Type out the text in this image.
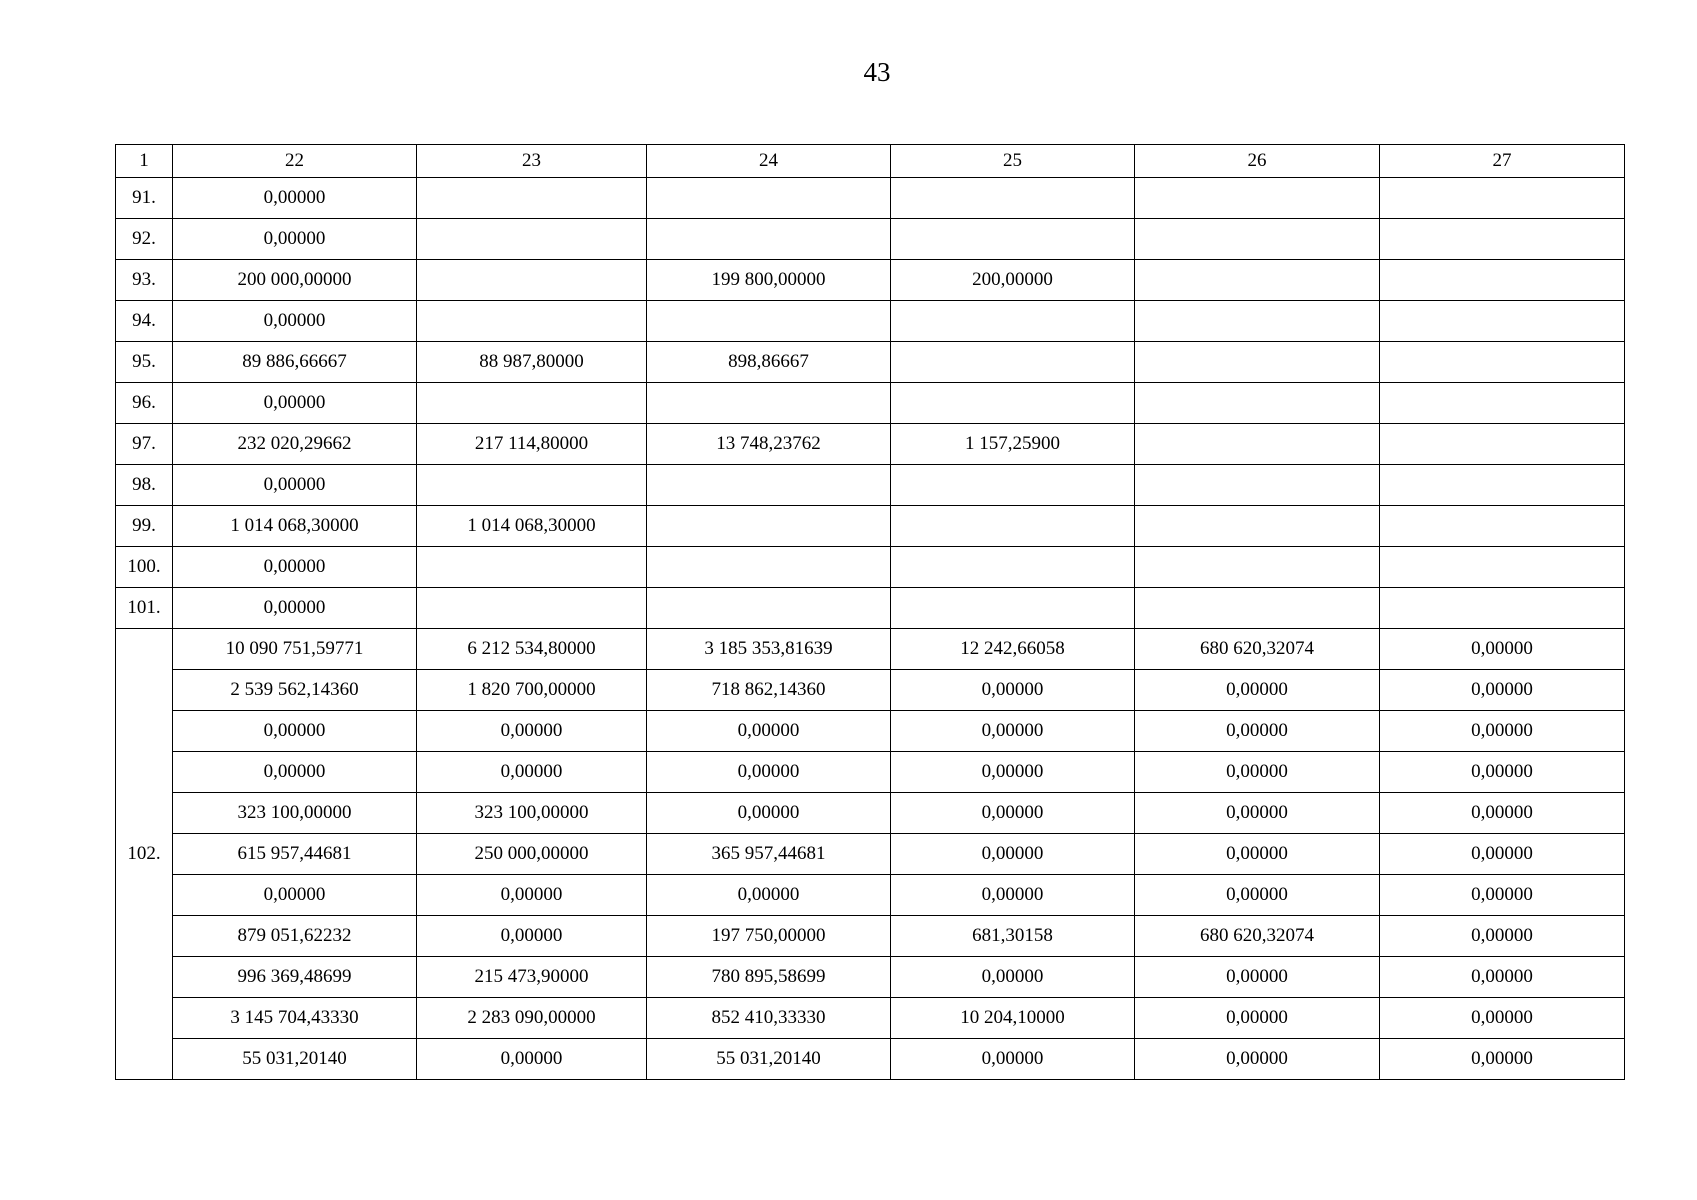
43
1	22	23	24	25	26	27
91.	0,00000					
92.	0,00000					
93.	200 000,00000		199 800,00000	200,00000		
94.	0,00000					
95.	89 886,66667	88 987,80000	898,86667			
96.	0,00000					
97.	232 020,29662	217 114,80000	13 748,23762	1 157,25900		
98.	0,00000					
99.	1 014 068,30000	1 014 068,30000				
100.	0,00000					
101.	0,00000					
102.	10 090 751,59771	6 212 534,80000	3 185 353,81639	12 242,66058	680 620,32074	0,00000
	2 539 562,14360	1 820 700,00000	718 862,14360	0,00000	0,00000	0,00000
	0,00000	0,00000	0,00000	0,00000	0,00000	0,00000
	0,00000	0,00000	0,00000	0,00000	0,00000	0,00000
	323 100,00000	323 100,00000	0,00000	0,00000	0,00000	0,00000
	615 957,44681	250 000,00000	365 957,44681	0,00000	0,00000	0,00000
	0,00000	0,00000	0,00000	0,00000	0,00000	0,00000
	879 051,62232	0,00000	197 750,00000	681,30158	680 620,32074	0,00000
	996 369,48699	215 473,90000	780 895,58699	0,00000	0,00000	0,00000
	3 145 704,43330	2 283 090,00000	852 410,33330	10 204,10000	0,00000	0,00000
	55 031,20140	0,00000	55 031,20140	0,00000	0,00000	0,00000
